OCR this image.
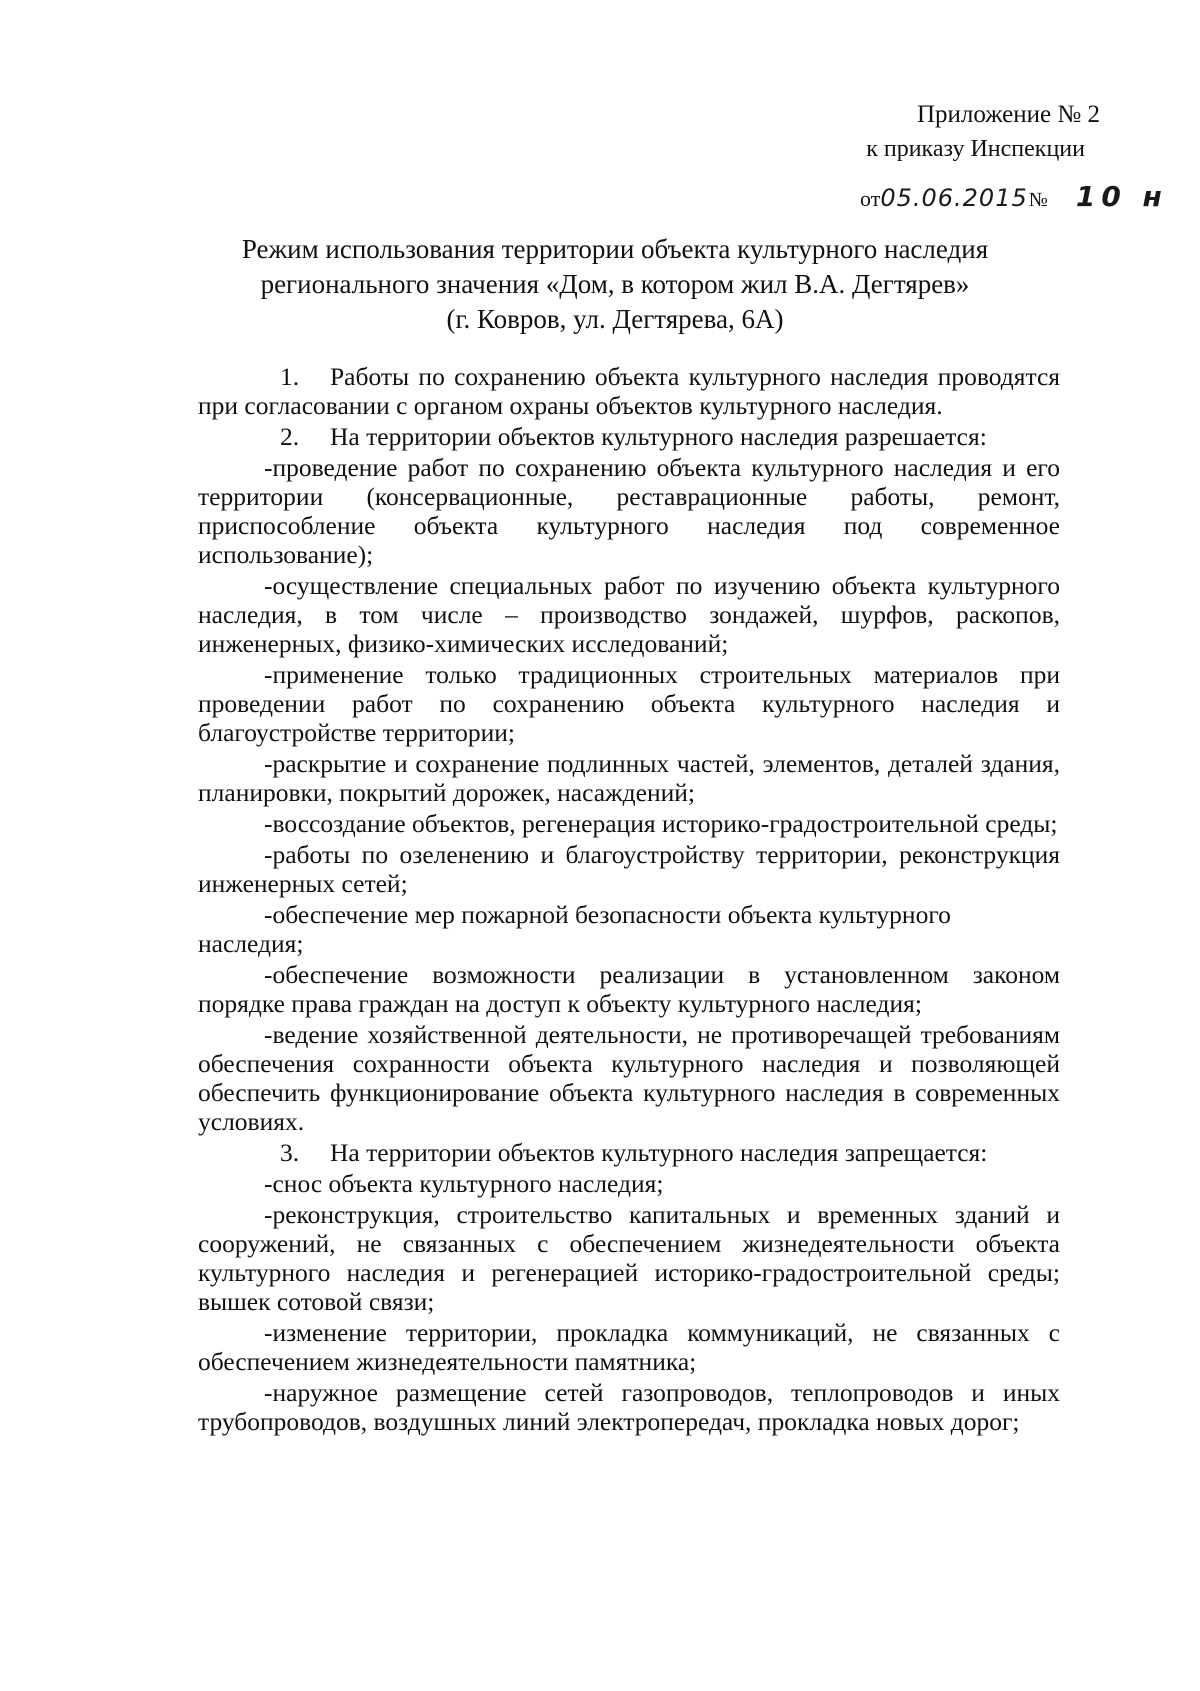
Приложение № 2
к приказу Инспекции
от05.06.2015№ 10 н
Режим использования территории объекта культурного наследия
регионального значения «Дом, в котором жил В.А. Дегтярев»
(г. Ковров, ул. Дегтярева, 6А)

1. Работы по сохранению объекта культурного наследия проводятся при согласовании с органом охраны объектов культурного наследия.

2. На территории объектов культурного наследия разрешается:

-проведение работ по сохранению объекта культурного наследия и его территории (консервационные, реставрационные работы, ремонт, приспособление объекта культурного наследия под современное использование);

-осуществление специальных работ по изучению объекта культурного наследия, в том числе – производство зондажей, шурфов, раскопов, инженерных, физико-химических исследований;

-применение только традиционных строительных материалов при проведении работ по сохранению объекта культурного наследия и благоустройстве территории;

-раскрытие и сохранение подлинных частей, элементов, деталей здания, планировки, покрытий дорожек, насаждений;

-воссоздание объектов, регенерация историко-градостроительной среды;

-работы по озеленению и благоустройству территории, реконструкция инженерных сетей;

-обеспечение мер пожарной безопасности объекта культурного наследия;

-обеспечение возможности реализации в установленном законом порядке права граждан на доступ к объекту культурного наследия;

-ведение хозяйственной деятельности, не противоречащей требованиям обеспечения сохранности объекта культурного наследия и позволяющей обеспечить функционирование объекта культурного наследия в современных условиях.

3. На территории объектов культурного наследия запрещается:

-снос объекта культурного наследия;

-реконструкция, строительство капитальных и временных зданий и сооружений, не связанных с обеспечением жизнедеятельности объекта культурного наследия и регенерацией историко-градостроительной среды; вышек сотовой связи;

-изменение территории, прокладка коммуникаций, не связанных с обеспечением жизнедеятельности памятника;

-наружное размещение сетей газопроводов, теплопроводов и иных трубопроводов, воздушных линий электропередач, прокладка новых дорог;
